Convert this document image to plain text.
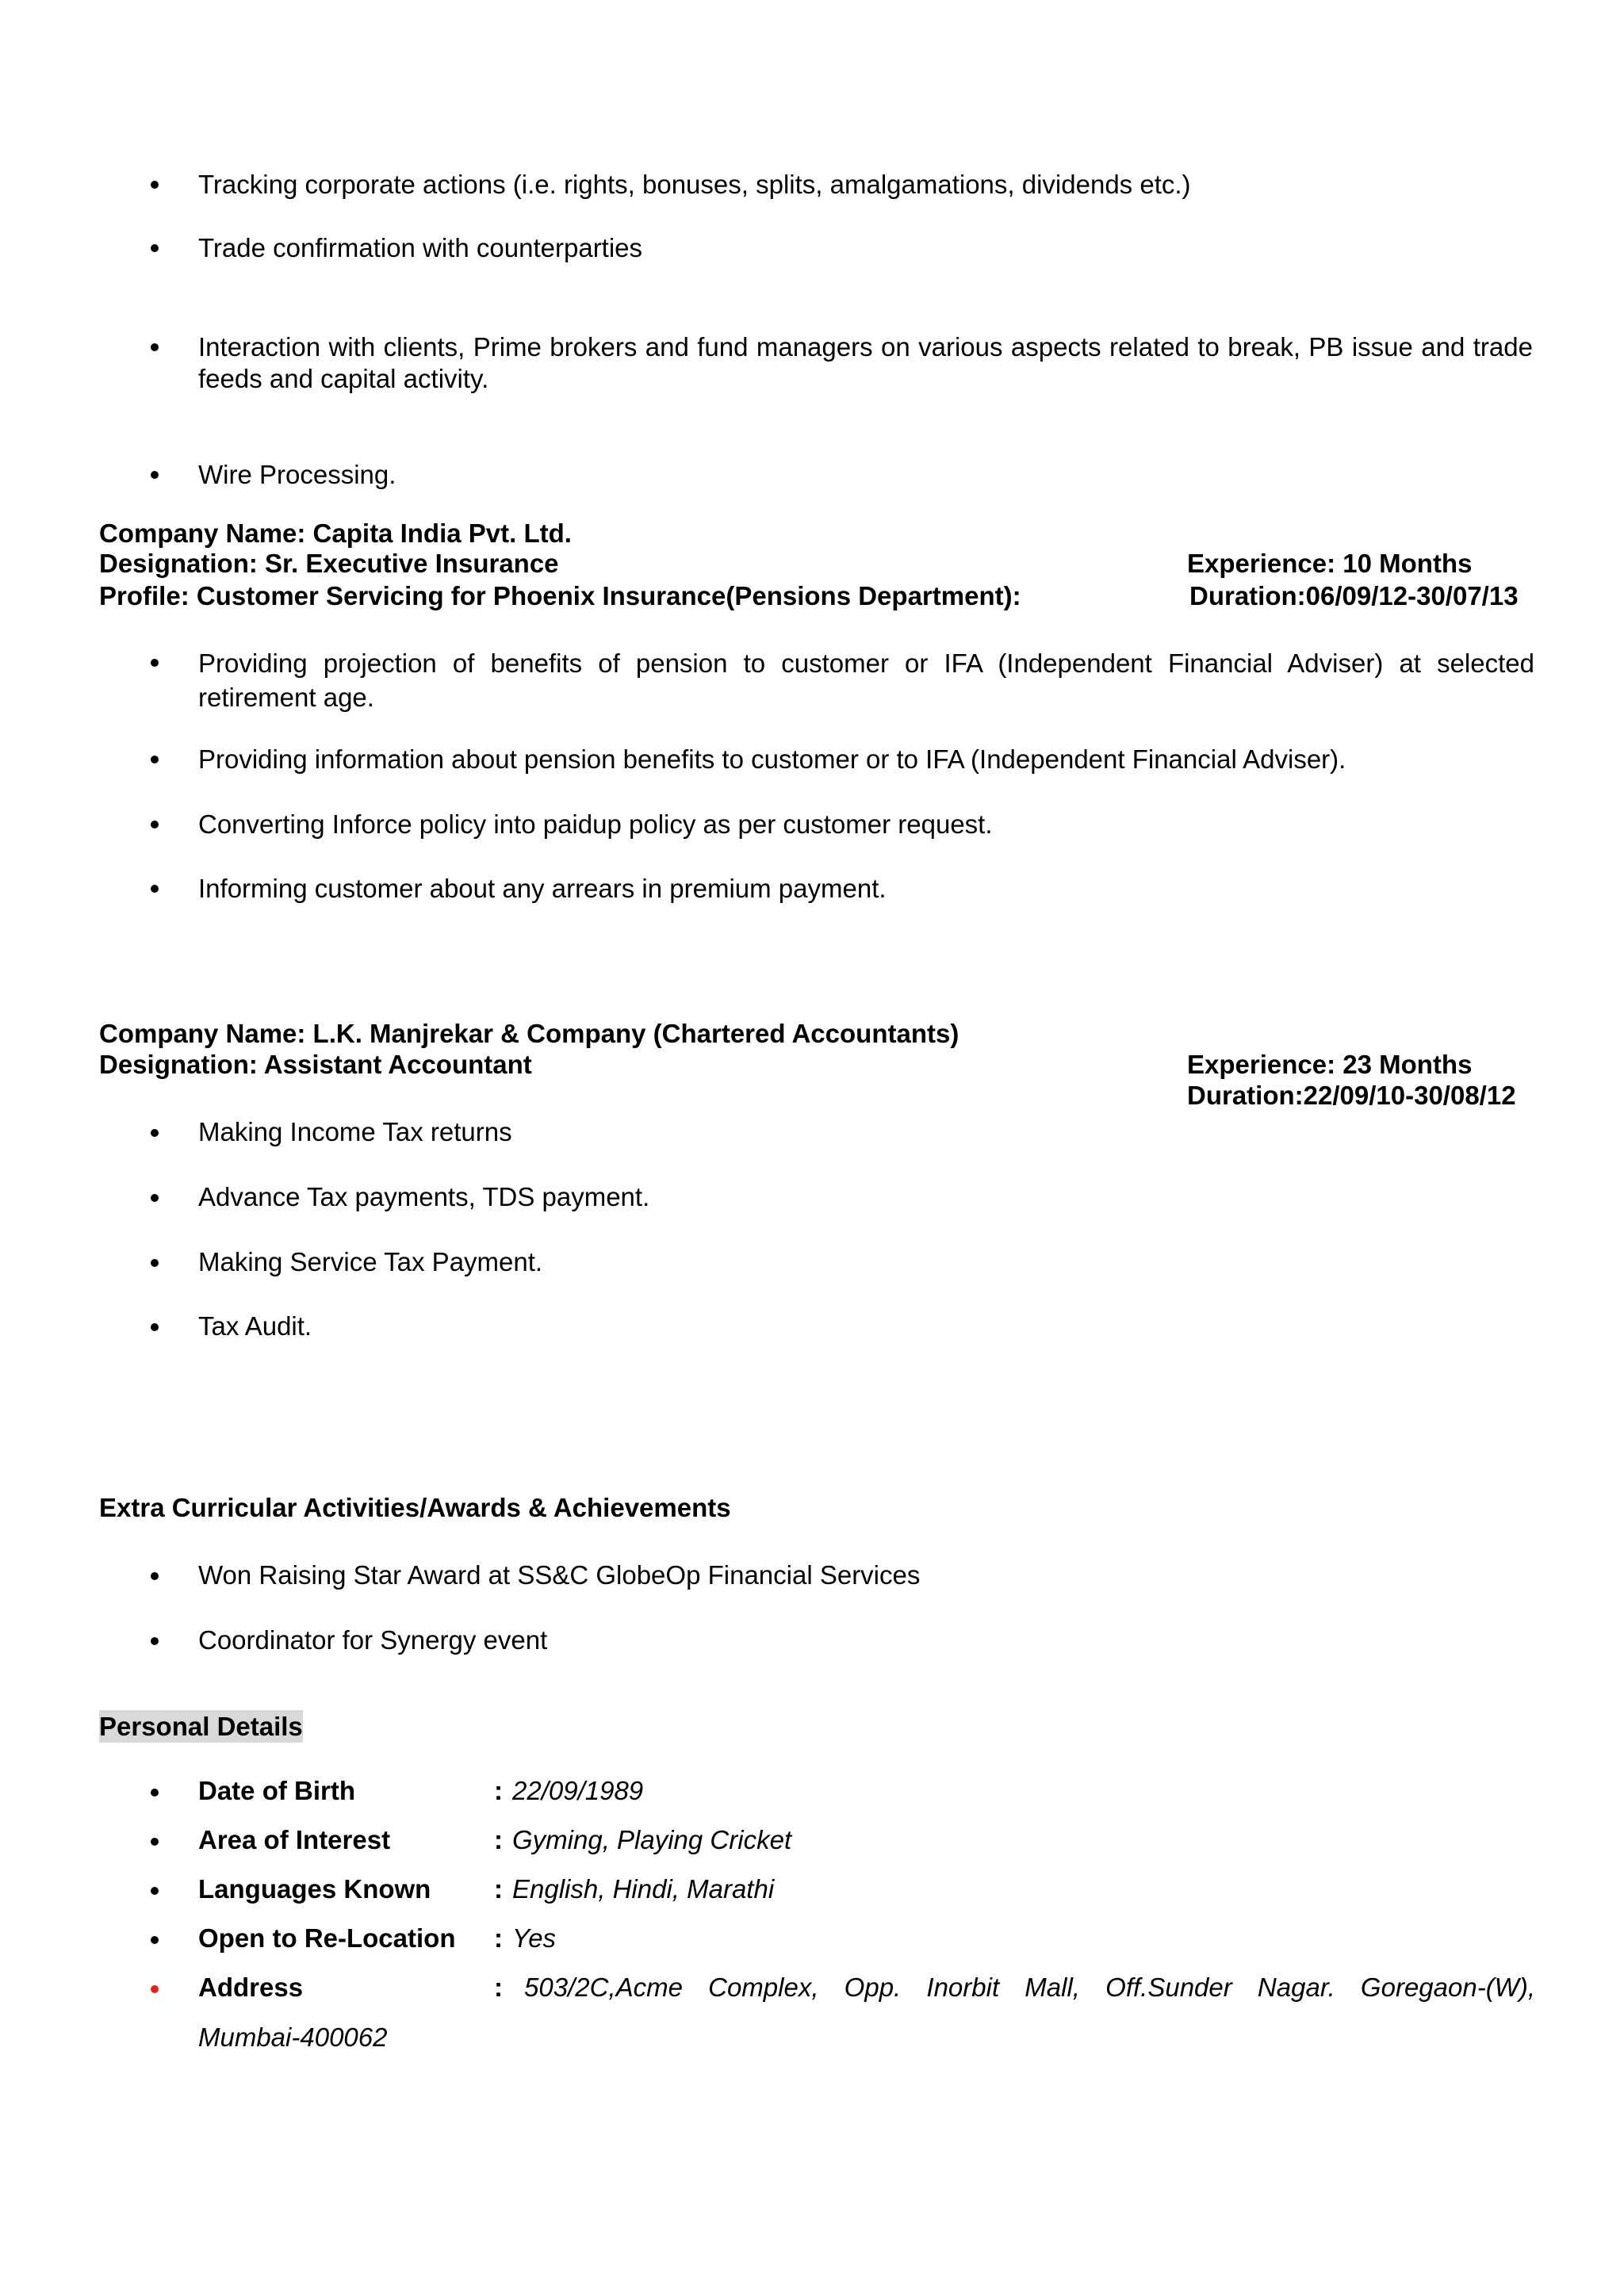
Tracking corporate actions (i.e. rights, bonuses, splits, amalgamations, dividends etc.)
Trade confirmation with counterparties
Interaction with clients, Prime brokers and fund managers on various aspects related to break, PB issue and trade feeds and capital activity.
Wire Processing.
Company Name: Capita India Pvt. Ltd.
Designation: Sr. Executive Insurance	Experience: 10 Months
Profile: Customer Servicing for Phoenix Insurance(Pensions Department):	Duration:06/09/12-30/07/13
Providing projection of benefits of pension to customer or IFA (Independent Financial Adviser) at selected retirement age.
Providing information about pension benefits to customer or to IFA (Independent Financial Adviser).
Converting Inforce policy into paidup policy as per customer request.
Informing customer about any arrears in premium payment.
Company Name: L.K. Manjrekar & Company (Chartered Accountants)
Designation: Assistant Accountant	Experience: 23 Months
Duration:22/09/10-30/08/12
Making Income Tax returns
Advance Tax payments, TDS payment.
Making Service Tax Payment.
Tax Audit.
Extra Curricular Activities/Awards & Achievements
Won Raising Star Award at SS&C GlobeOp Financial Services
Coordinator for Synergy event
Personal Details
Date of Birth	: 22/09/1989
Area of Interest	: Gyming, Playing Cricket
Languages Known : English, Hindi, Marathi
Open to Re-Location : Yes
Address	: 503/2C,Acme Complex, Opp. Inorbit Mall, Off.Sunder Nagar. Goregaon-(W),
Mumbai-400062
